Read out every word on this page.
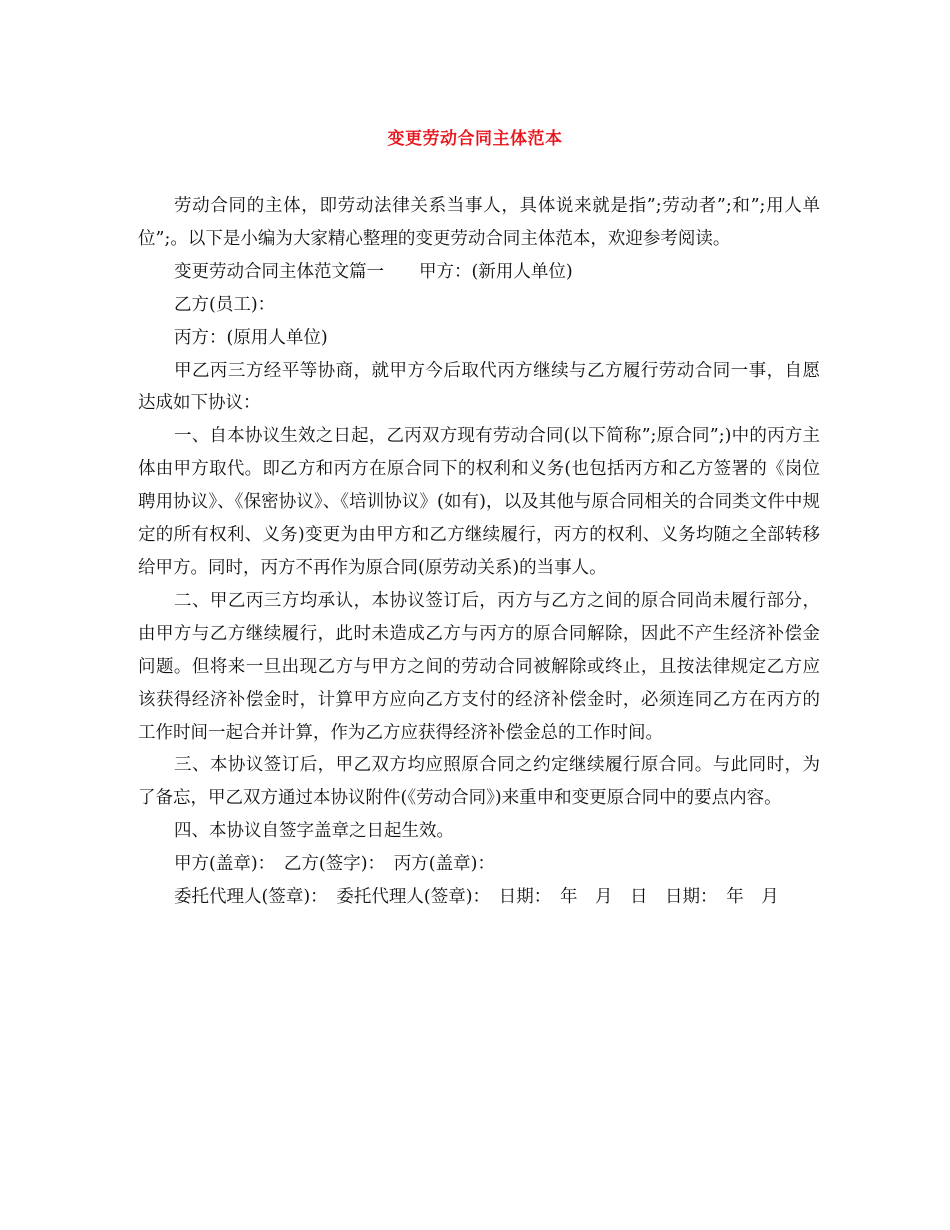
变更劳动合同主体范本

劳动合同的主体，即劳动法律关系当事人，具体说来就是指”;劳动者”;和”;用人单位”;。以下是小编为大家精心整理的变更劳动合同主体范本，欢迎参考阅读。

变更劳动合同主体范文篇一　　甲方：(新用人单位)

乙方(员工)：

丙方：(原用人单位)

甲乙丙三方经平等协商，就甲方今后取代丙方继续与乙方履行劳动合同一事，自愿达成如下协议：

一、自本协议生效之日起，乙丙双方现有劳动合同(以下简称”;原合同”;)中的丙方主体由甲方取代。即乙方和丙方在原合同下的权利和义务(也包括丙方和乙方签署的《岗位聘用协议》、《保密协议》、《培训协议》(如有)，以及其他与原合同相关的合同类文件中规定的所有权利、义务)变更为由甲方和乙方继续履行，丙方的权利、义务均随之全部转移给甲方。同时，丙方不再作为原合同(原劳动关系)的当事人。

二、甲乙丙三方均承认，本协议签订后，丙方与乙方之间的原合同尚未履行部分，由甲方与乙方继续履行，此时未造成乙方与丙方的原合同解除，因此不产生经济补偿金问题。但将来一旦出现乙方与甲方之间的劳动合同被解除或终止，且按法律规定乙方应该获得经济补偿金时，计算甲方应向乙方支付的经济补偿金时，必须连同乙方在丙方的工作时间一起合并计算，作为乙方应获得经济补偿金总的工作时间。

三、本协议签订后，甲乙双方均应照原合同之约定继续履行原合同。与此同时，为了备忘，甲乙双方通过本协议附件(《劳动合同》)来重申和变更原合同中的要点内容。

四、本协议自签字盖章之日起生效。

甲方(盖章)：　乙方(签字)：　丙方(盖章)：

委托代理人(签章)：　委托代理人(签章)：　日期：　年　月　日　日期：　年　月
